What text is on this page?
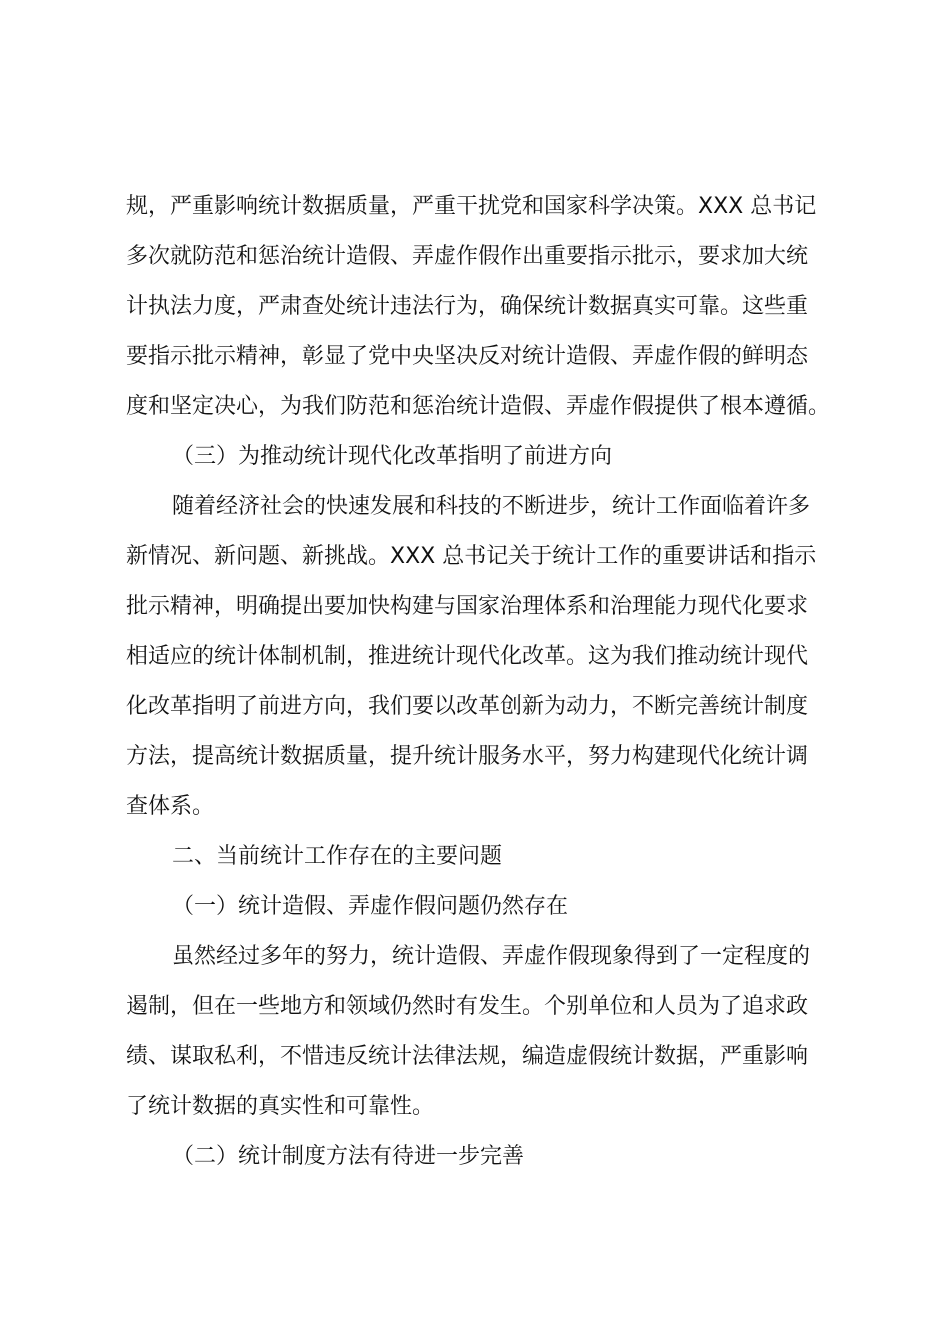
规，严重影响统计数据质量，严重干扰党和国家科学决策。XXX 总书记
多次就防范和惩治统计造假、弄虚作假作出重要指示批示，要求加大统
计执法力度，严肃查处统计违法行为，确保统计数据真实可靠。这些重
要指示批示精神，彰显了党中央坚决反对统计造假、弄虚作假的鲜明态
度和坚定决心，为我们防范和惩治统计造假、弄虚作假提供了根本遵循。
（三）为推动统计现代化改革指明了前进方向
随着经济社会的快速发展和科技的不断进步，统计工作面临着许多
新情况、新问题、新挑战。XXX 总书记关于统计工作的重要讲话和指示
批示精神，明确提出要加快构建与国家治理体系和治理能力现代化要求
相适应的统计体制机制，推进统计现代化改革。这为我们推动统计现代
化改革指明了前进方向，我们要以改革创新为动力，不断完善统计制度
方法，提高统计数据质量，提升统计服务水平，努力构建现代化统计调
查体系。
二、当前统计工作存在的主要问题
（一）统计造假、弄虚作假问题仍然存在
虽然经过多年的努力，统计造假、弄虚作假现象得到了一定程度的
遏制，但在一些地方和领域仍然时有发生。个别单位和人员为了追求政
绩、谋取私利，不惜违反统计法律法规，编造虚假统计数据，严重影响
了统计数据的真实性和可靠性。
（二）统计制度方法有待进一步完善
